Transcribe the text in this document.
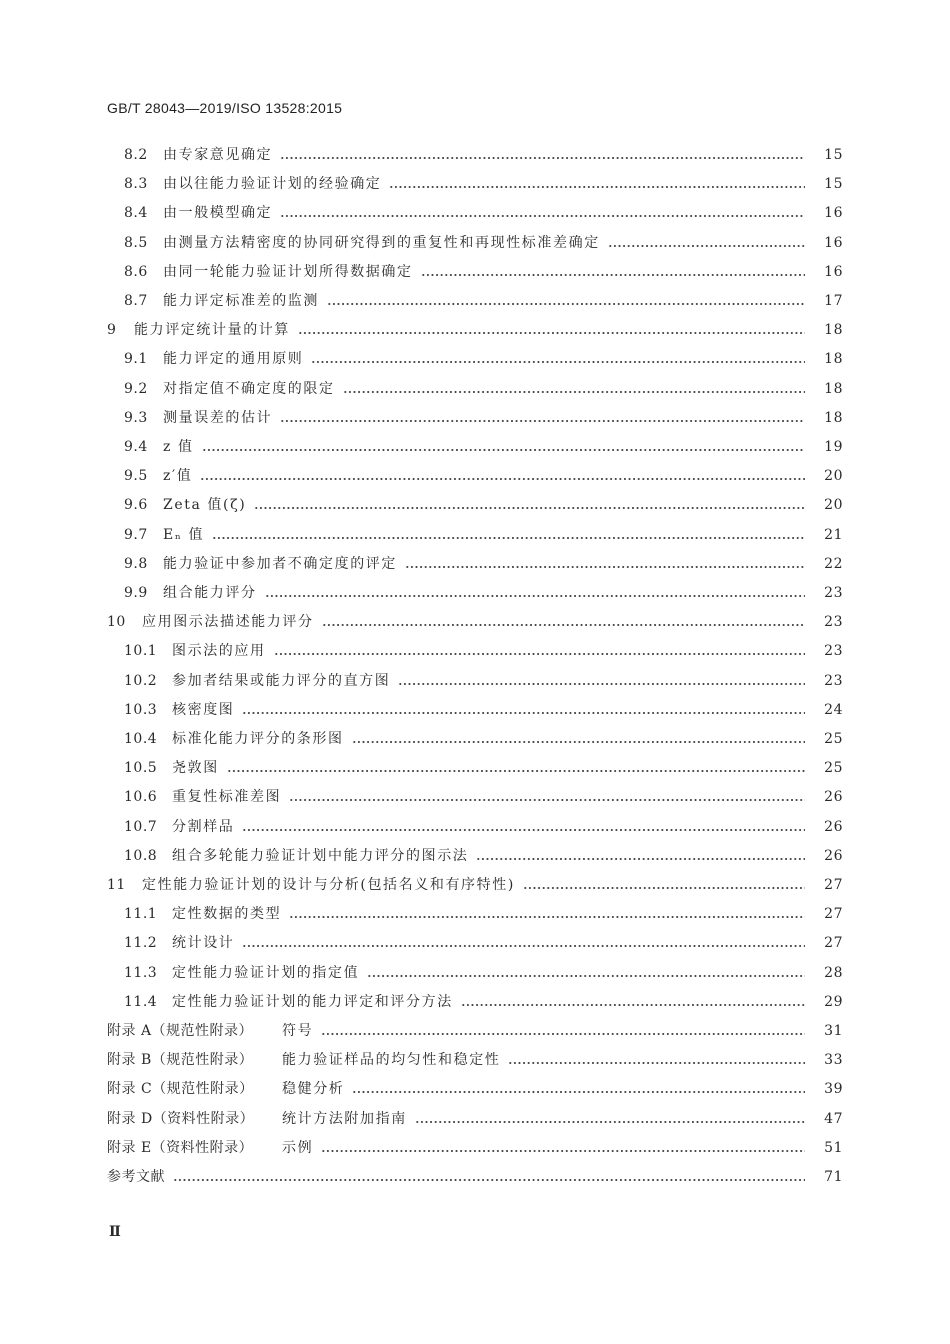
GB/T 28043—2019/ISO 13528:2015
8.2	由专家意见确定	15
8.3	由以往能力验证计划的经验确定	15
8.4	由一般模型确定	16
8.5	由测量方法精密度的协同研究得到的重复性和再现性标准差确定	16
8.6	由同一轮能力验证计划所得数据确定	16
8.7	能力评定标准差的监测	17
9	能力评定统计量的计算	18
9.1	能力评定的通用原则	18
9.2	对指定值不确定度的限定	18
9.3	测量误差的估计	18
9.4	z 值	19
9.5	z′值	20
9.6	Zeta 值(ζ)	20
9.7	Eₙ 值	21
9.8	能力验证中参加者不确定度的评定	22
9.9	组合能力评分	23
10	应用图示法描述能力评分	23
10.1	图示法的应用	23
10.2	参加者结果或能力评分的直方图	23
10.3	核密度图	24
10.4	标准化能力评分的条形图	25
10.5	尧敦图	25
10.6	重复性标准差图	26
10.7	分割样品	26
10.8	组合多轮能力验证计划中能力评分的图示法	26
11	定性能力验证计划的设计与分析(包括名义和有序特性)	27
11.1	定性数据的类型	27
11.2	统计设计	27
11.3	定性能力验证计划的指定值	28
11.4	定性能力验证计划的能力评定和评分方法	29
附录 A（规范性附录）	符号	31
附录 B（规范性附录）	能力验证样品的均匀性和稳定性	33
附录 C（规范性附录）	稳健分析	39
附录 D（资料性附录）	统计方法附加指南	47
附录 E（资料性附录）	示例	51
参考文献	71
Ⅱ
